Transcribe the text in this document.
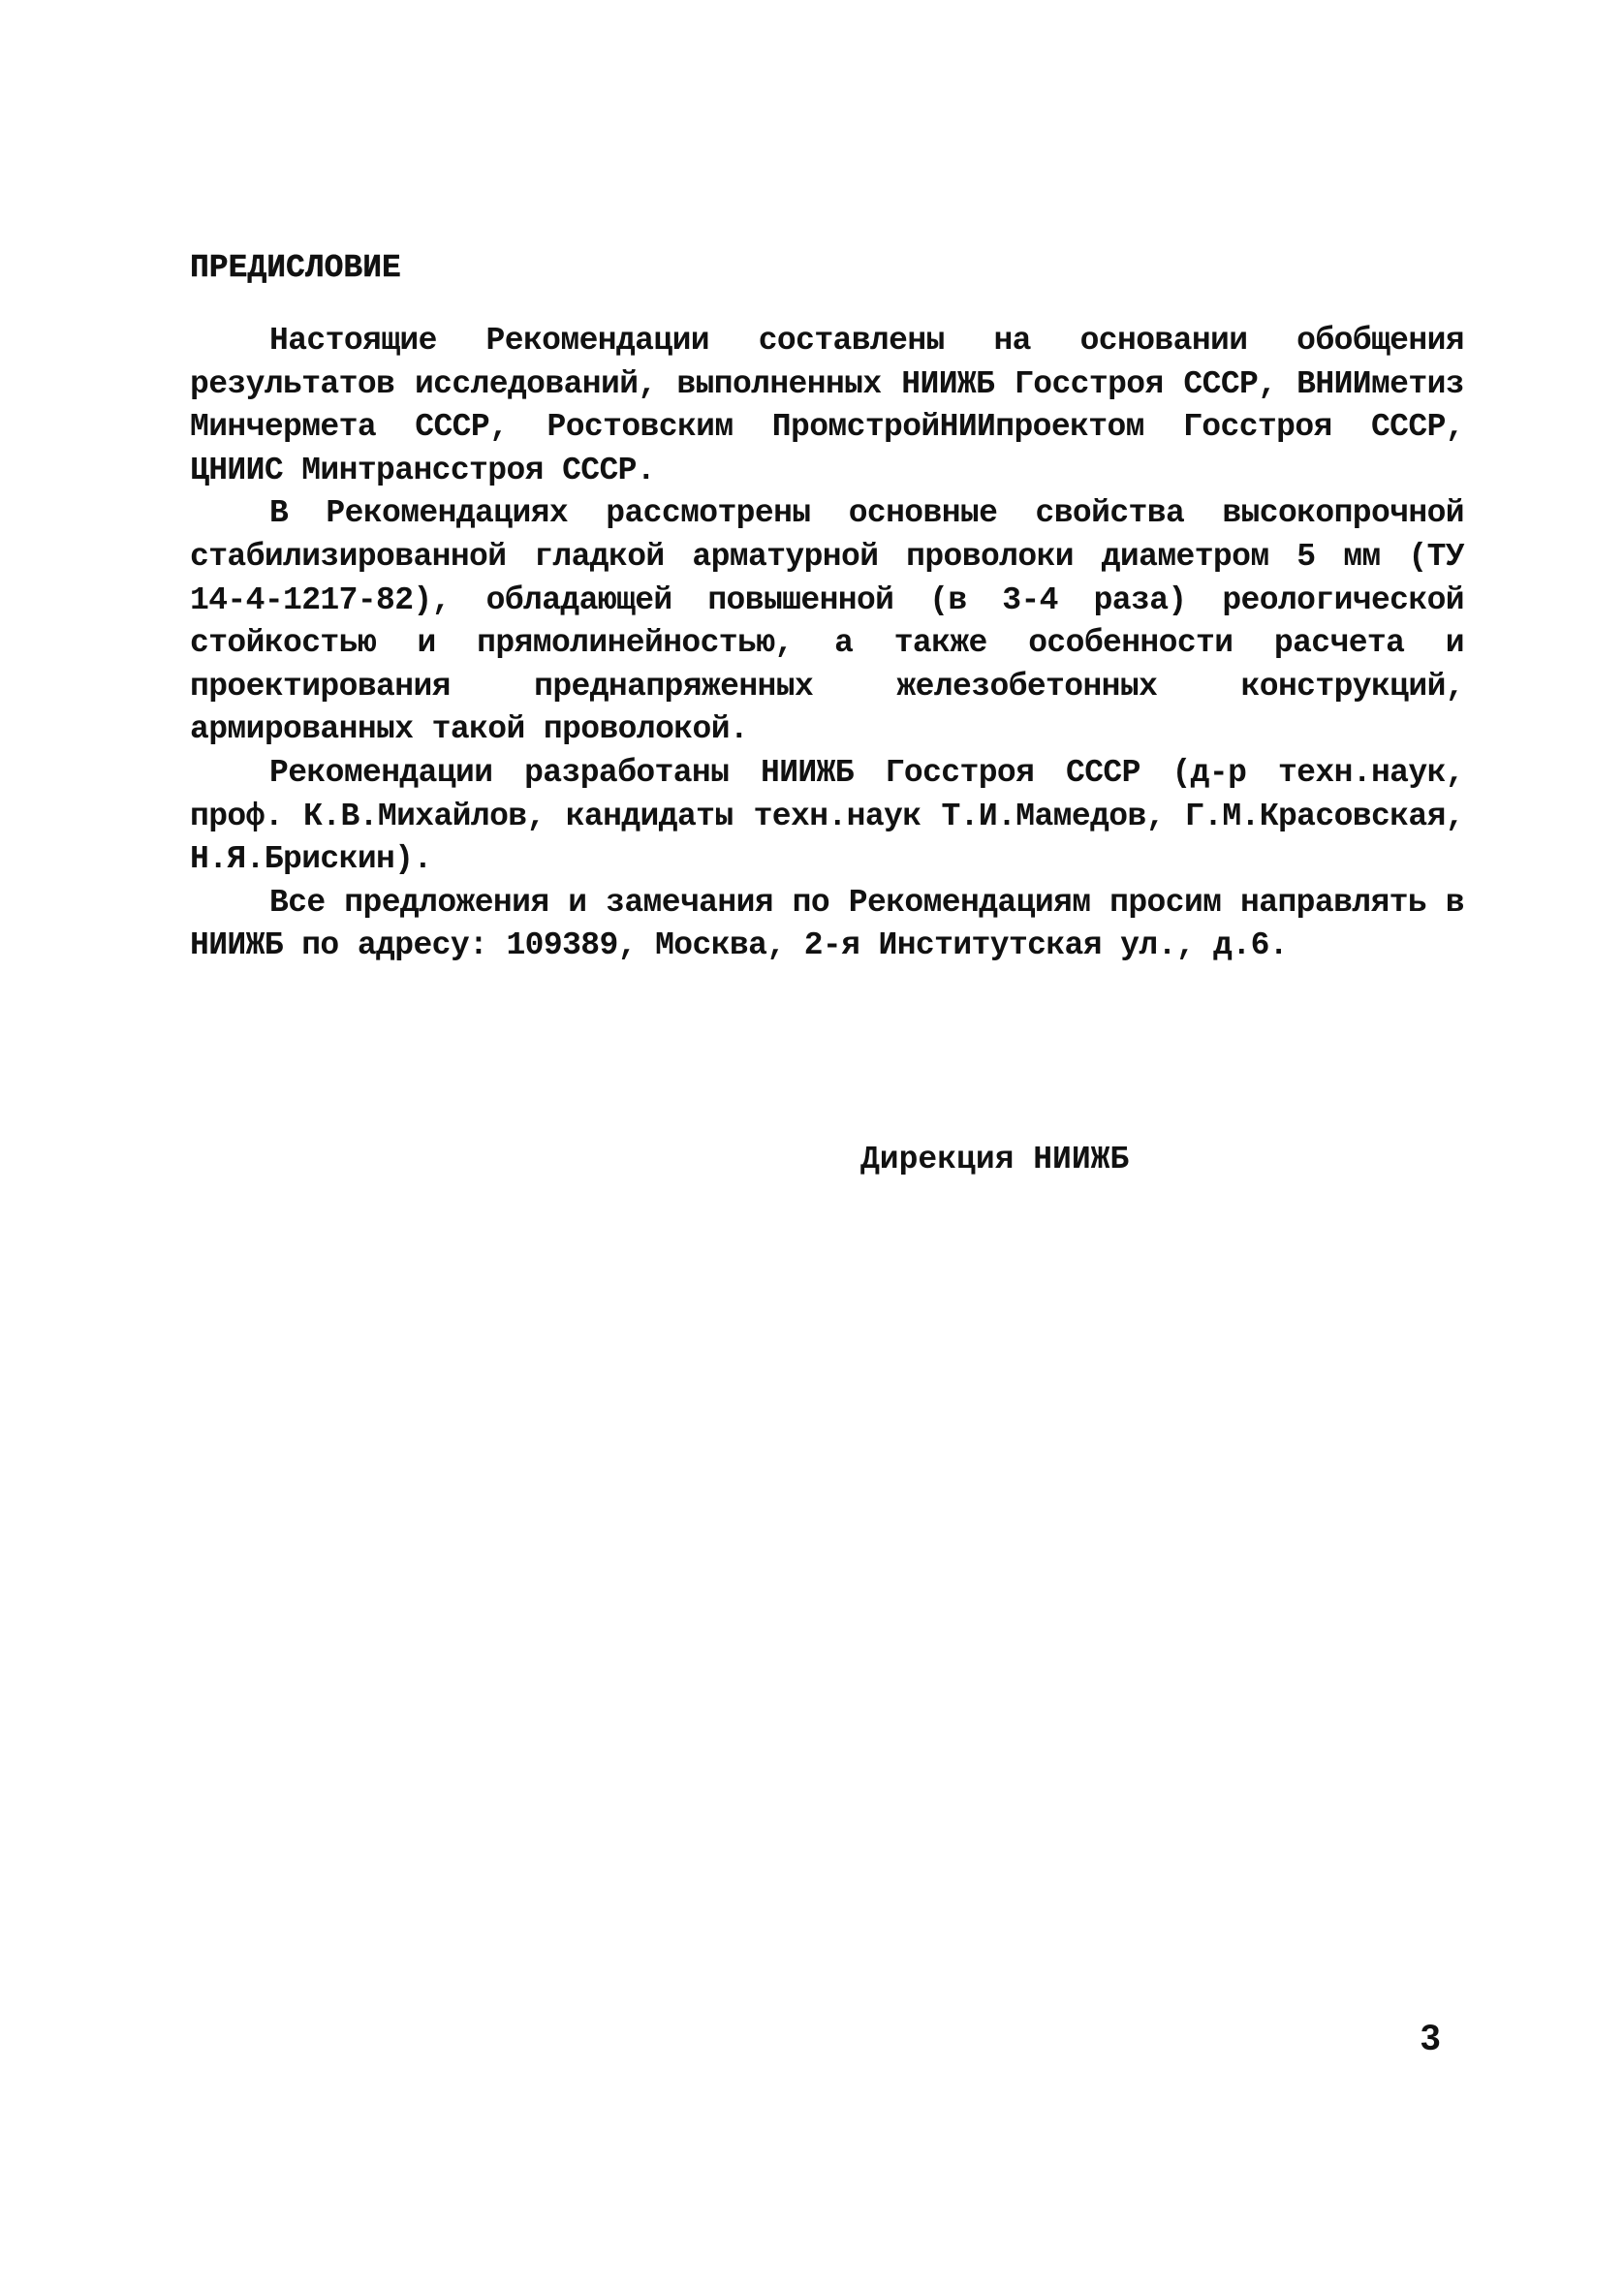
ПРЕДИСЛОВИЕ

Настоящие Рекомендации составлены на основании обобщения результатов исследований, выполненных НИИЖБ Госстроя СССР, ВНИИметиз Минчермета СССР, Ростовским ПромстройНИИпроектом Госстроя СССР, ЦНИИС Минтрансстроя СССР.

В Рекомендациях рассмотрены основные свойства высокопрочной стабилизированной гладкой арматурной проволоки диаметром 5 мм (ТУ 14-4-1217-82), обладающей повышенной (в 3-4 раза) реологической стойкостью и прямолинейностью, а также особенности расчета и проектирования преднапряженных железобетонных конструкций, армированных такой проволокой.

Рекомендации разработаны НИИЖБ Госстроя СССР (д-р техн.наук, проф. К.В.Михайлов, кандидаты техн.наук Т.И.Мамедов, Г.М.Красовская, Н.Я.Брискин).

Все предложения и замечания по Рекомендациям просим направлять в НИИЖБ по адресу: 109389, Москва, 2-я Институтская ул., д.6.

Дирекция НИИЖБ
3
